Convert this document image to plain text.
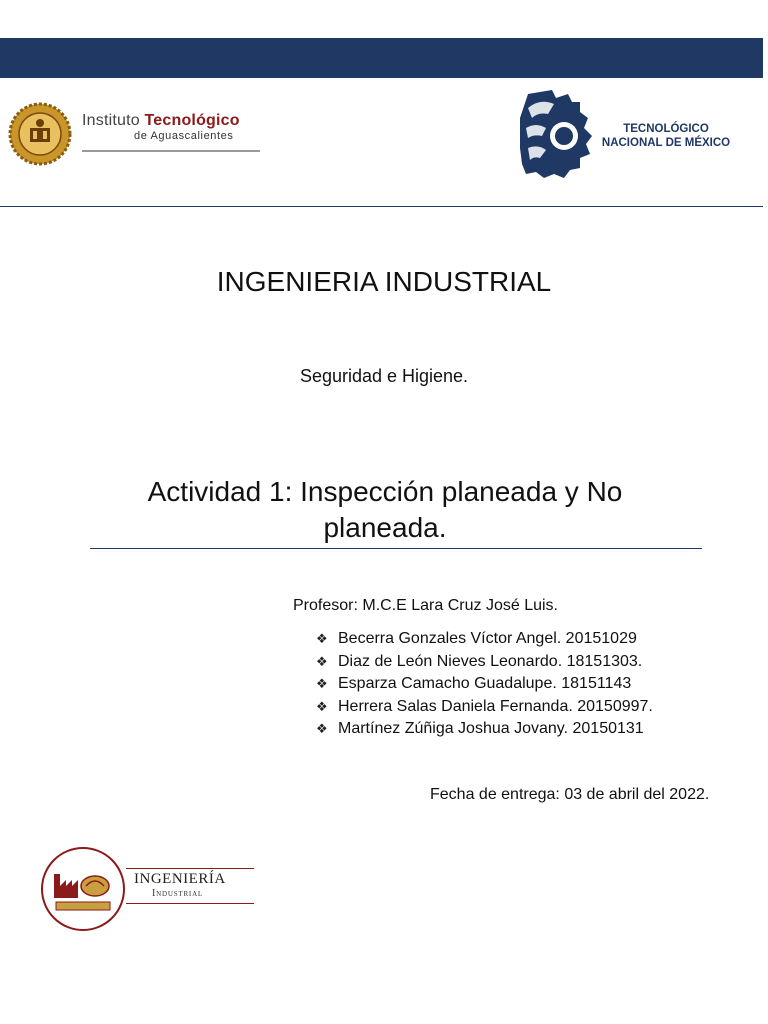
Instituto Tecnológico
de Aguascalientes
TECNOLÓGICO
NACIONAL DE MÉXICO
INGENIERIA INDUSTRIAL
Seguridad e Higiene.
Actividad 1: Inspección planeada y No
planeada.
Profesor: M.C.E Lara Cruz José Luis.
❖ Becerra Gonzales Víctor Angel. 20151029
❖ Diaz de León Nieves Leonardo. 18151303.
❖ Esparza Camacho Guadalupe. 18151143
❖ Herrera Salas Daniela Fernanda. 20150997.
❖ Martínez Zúñiga Joshua Jovany. 20150131
Fecha de entrega: 03 de abril del 2022.
INGENIERÍA
Industrial
